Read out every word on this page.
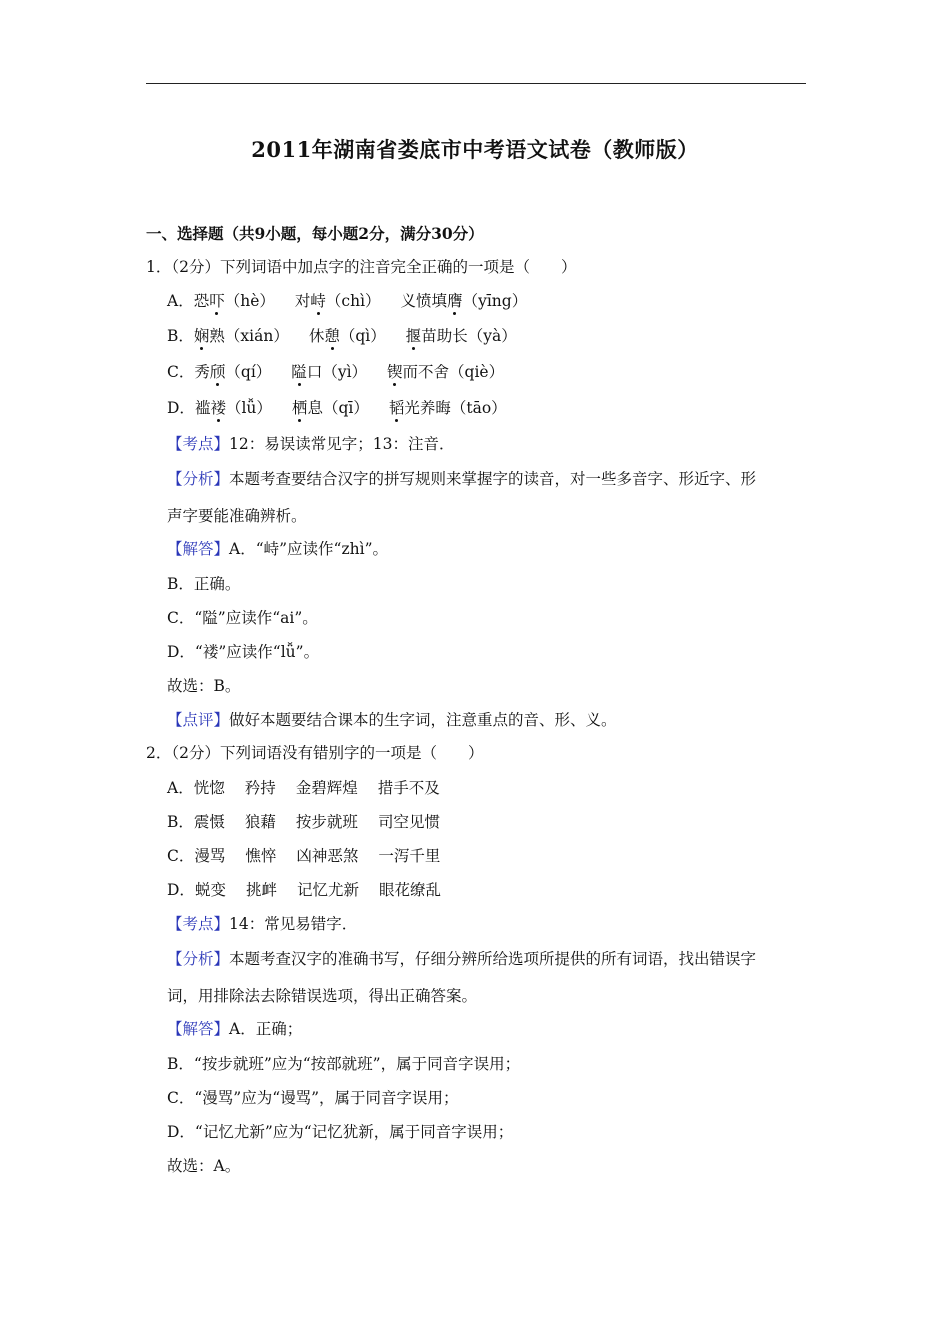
2011年湖南省娄底市中考语文试卷（教师版）
一、选择题（共9小题，每小题2分，满分30分）
1．（2分）下列词语中加点字的注音完全正确的一项是（　　）
A．恐吓（hè） 对峙（chì） 义愤填膺（yīng）
B．娴熟（xián） 休憩（qì） 揠苗助长（yà）
C．秀颀（qí） 隘口（yì） 锲而不舍（qiè）
D．褴褛（lǚ） 栖息（qī） 韬光养晦（tāo）
【考点】12：易误读常见字；13：注音．
【分析】本题考查要结合汉字的拼写规则来掌握字的读音，对一些多音字、形近字、形
声字要能准确辨析。
【解答】A．“峙”应读作“zhì”。
B．正确。
C．“隘”应读作“ai”。
D．“褛”应读作“lǚ”。
故选：B。
【点评】做好本题要结合课本的生字词，注意重点的音、形、义。
2．（2分）下列词语没有错别字的一项是（　　）
A．恍惚 矜持 金碧辉煌 措手不及
B．震慑 狼藉 按步就班 司空见惯
C．漫骂 憔悴 凶神恶煞 一泻千里
D．蜕变 挑衅 记忆尤新 眼花缭乱
【考点】14：常见易错字．
【分析】本题考查汉字的准确书写，仔细分辨所给选项所提供的所有词语，找出错误字
词，用排除法去除错误选项，得出正确答案。
【解答】A．正确；
B．“按步就班”应为“按部就班”，属于同音字误用；
C．“漫骂”应为“谩骂”，属于同音字误用；
D．“记忆尤新”应为“记忆犹新，属于同音字误用；
故选：A。
